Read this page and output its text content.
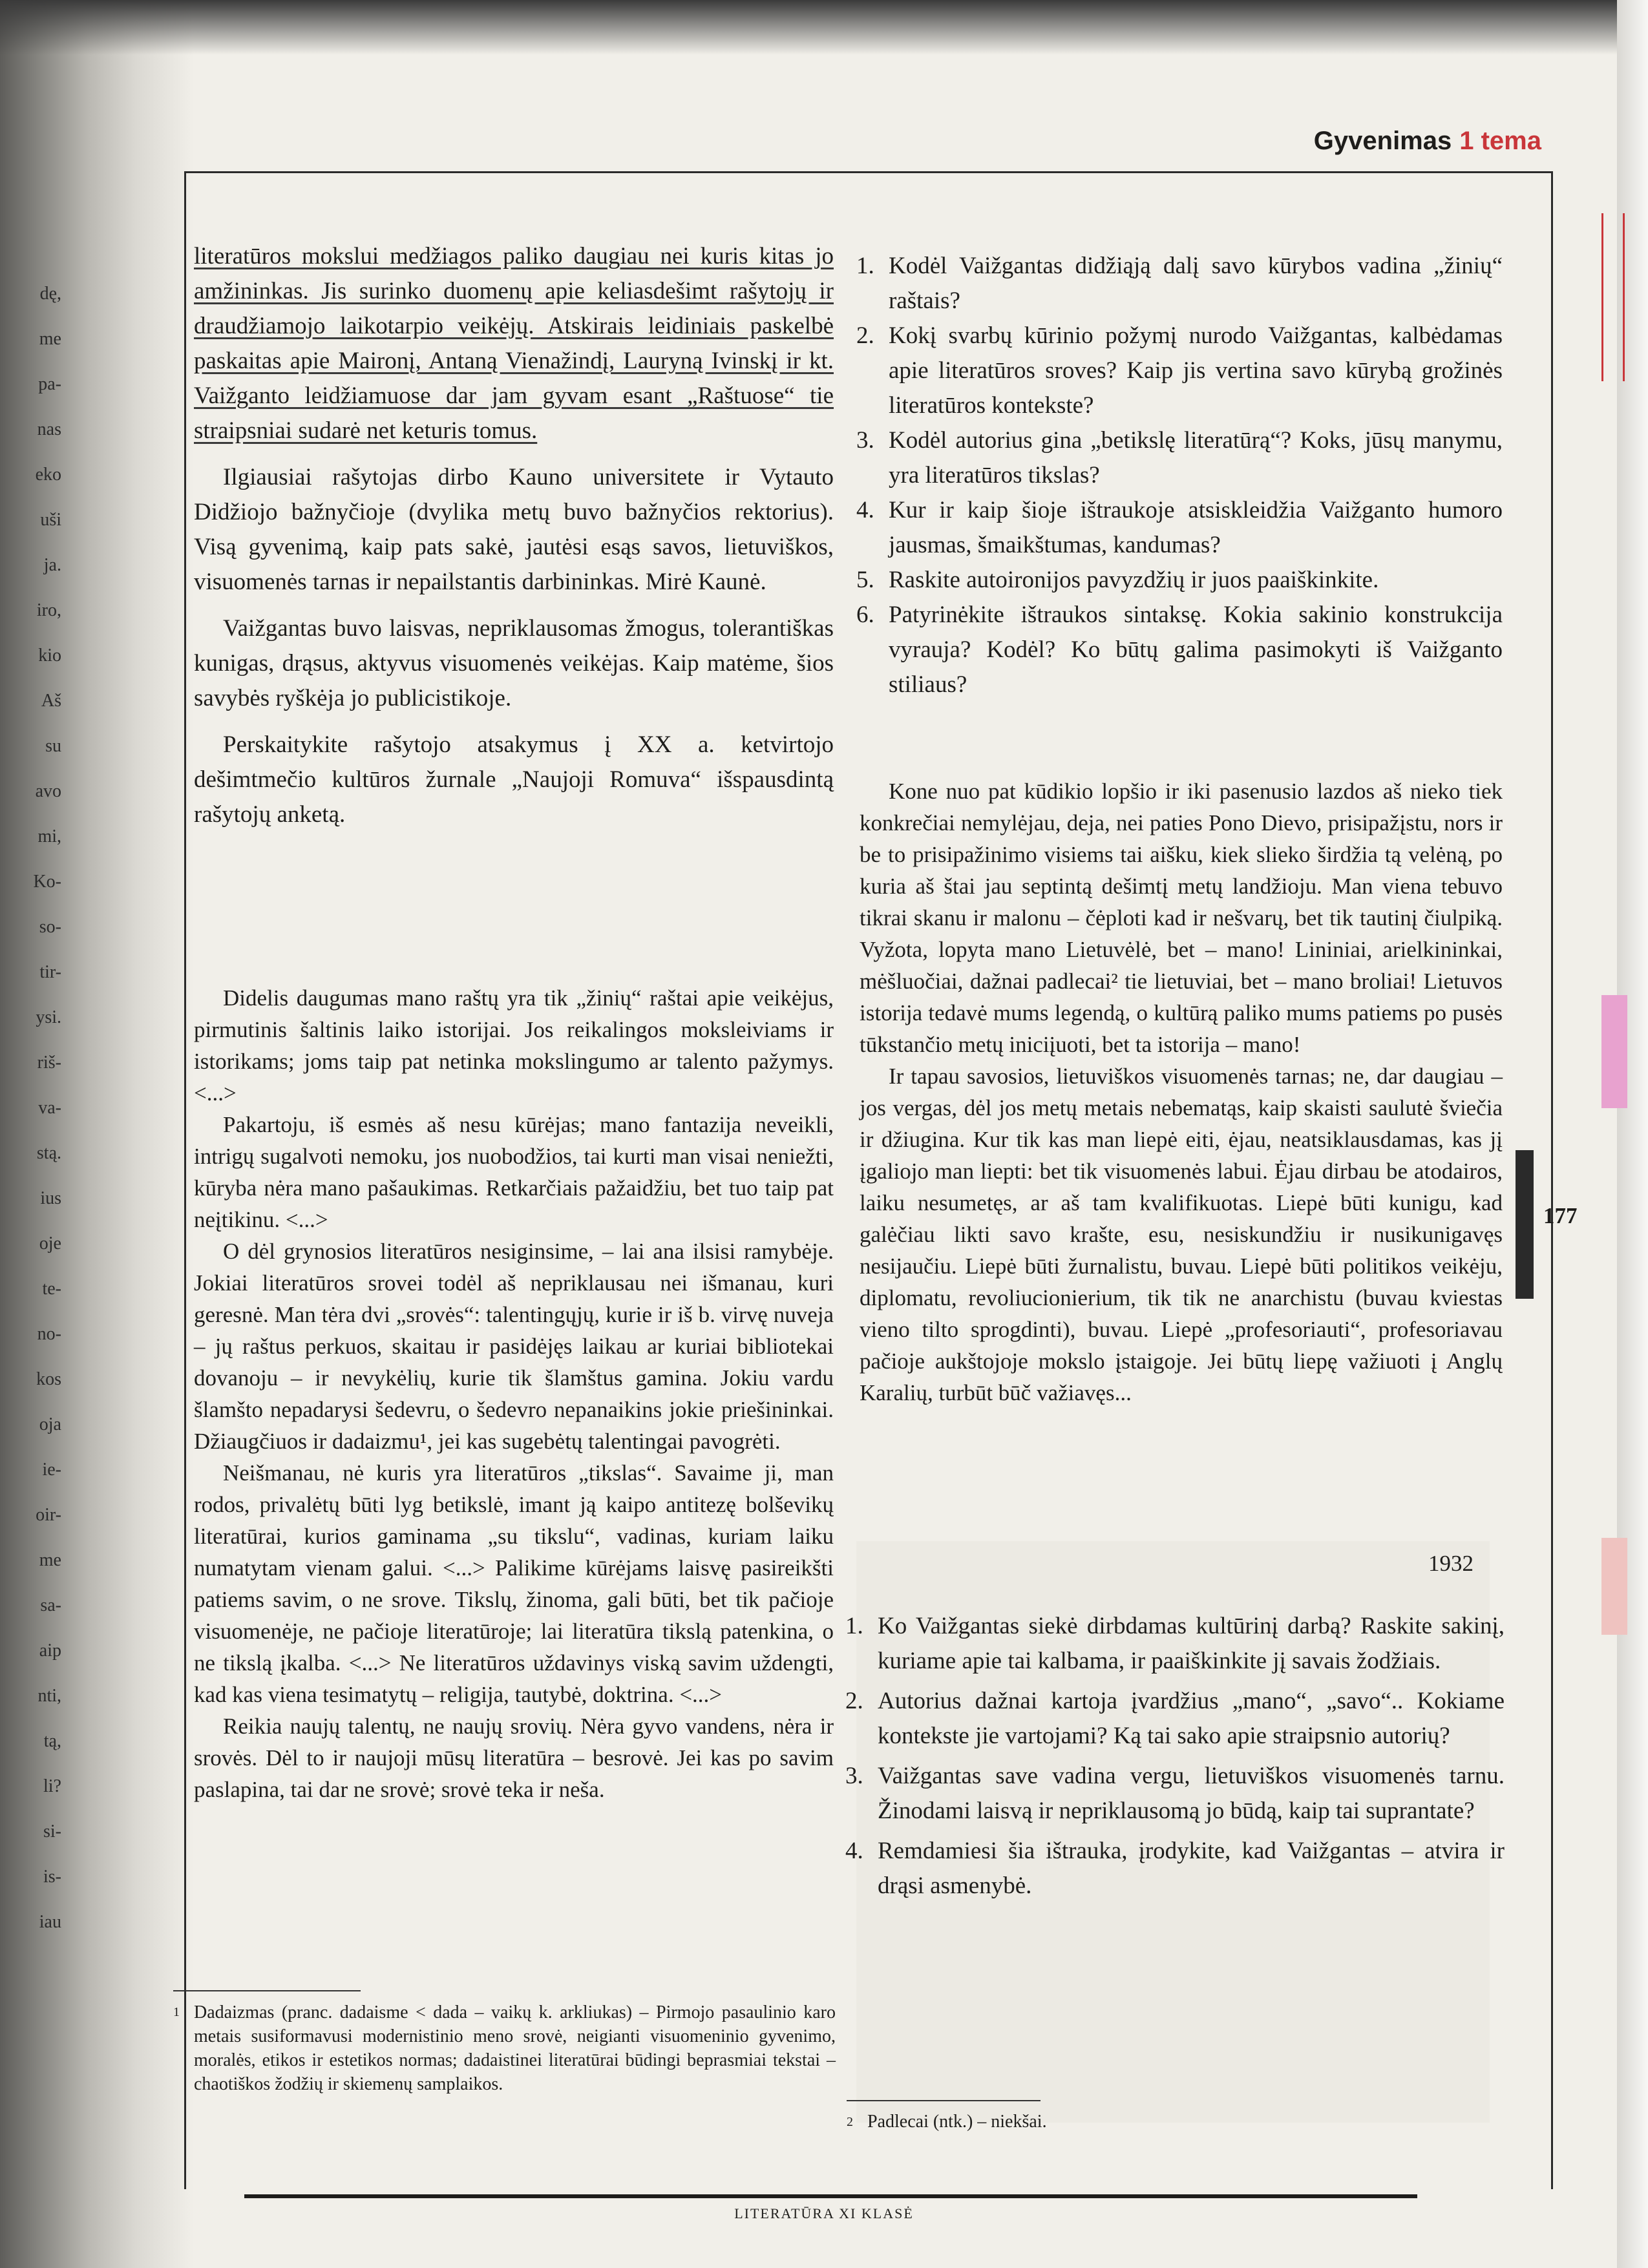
dę,
me
pa-
nas
eko
uši
ja.
iro,
kio
Aš
su
avo
mi,
Ko-
so-
tir-
ysi.
riš-
va-
stą.
ius
oje
te-
no-
kos
oja
ie-
oir-
me
sa-
aip
nti,
tą,
li?
si-
is-
iau
Gyvenimas 1 tema

literatūros mokslui medžiagos paliko daugiau nei kuris kitas jo amžininkas. Jis surinko duomenų apie keliasdešimt rašytojų ir draudžiamojo laikotarpio veikėjų. Atskirais leidiniais paskelbė paskaitas apie Maironį, Antaną Vienažindį, Lauryną Ivinskį ir kt. Vaižganto leidžiamuose dar jam gyvam esant „Raštuose“ tie straipsniai sudarė net keturis tomus.

Ilgiausiai rašytojas dirbo Kauno universitete ir Vytauto Didžiojo bažnyčioje (dvylika metų buvo bažnyčios rektorius). Visą gyvenimą, kaip pats sakė, jautėsi esąs savos, lietuviškos, visuomenės tarnas ir nepailstantis darbininkas. Mirė Kaunė.

Vaižgantas buvo laisvas, nepriklausomas žmogus, tolerantiškas kunigas, drąsus, aktyvus visuomenės veikėjas. Kaip matėme, šios savybės ryškėja jo publicistikoje.

Perskaitykite rašytojo atsakymus į XX a. ketvirtojo dešimtmečio kultūros žurnale „Naujoji Romuva“ išspausdintą rašytojų anketą.

Didelis daugumas mano raštų yra tik „žinių“ raštai apie veikėjus, pirmutinis šaltinis laiko istorijai. Jos reikalingos moksleiviams ir istorikams; joms taip pat netinka mokslingumo ar talento pažymys. <...>

Pakartoju, iš esmės aš nesu kūrėjas; mano fantazija neveikli, intrigų sugalvoti nemoku, jos nuobodžios, tai kurti man visai neniežti, kūryba nėra mano pašaukimas. Retkarčiais pažaidžiu, bet tuo taip pat neįtikinu. <...>

O dėl grynosios literatūros nesiginsime, – lai ana ilsisi ramybėje. Jokiai literatūros srovei todėl aš nepriklausau nei išmanau, kuri geresnė. Man tėra dvi „srovės“: talentingųjų, kurie ir iš b. virvę nuveja – jų raštus perkuos, skaitau ir pasidėjęs laikau ar kuriai bibliotekai dovanoju – ir nevykėlių, kurie tik šlamštus gamina. Jokiu vardu šlamšto nepadarysi šedevru, o šedevro nepanaikins jokie priešininkai. Džiaugčiuos ir dadaizmu¹, jei kas sugebėtų talentingai pavogrėti.

Neišmanau, nė kuris yra literatūros „tikslas“. Savaime ji, man rodos, privalėtų būti lyg betikslė, imant ją kaipo antitezę bolševikų literatūrai, kurios gaminama „su tikslu“, vadinas, kuriam laiku numatytam vienam galui. <...> Palikime kūrėjams laisvę pasireikšti patiems savim, o ne srove. Tikslų, žinoma, gali būti, bet tik pačioje visuomenėje, ne pačioje literatūroje; lai literatūra tikslą patenkina, o ne tikslą įkalba. <...> Ne literatūros uždavinys viską savim uždengti, kad kas viena tesimatytų – religija, tautybė, doktrina. <...>

Reikia naujų talentų, ne naujų srovių. Nėra gyvo vandens, nėra ir srovės. Dėl to ir naujoji mūsų literatūra – besrovė. Jei kas po savim paslapina, tai dar ne srovė; srovė teka ir neša.

1 Dadaizmas (pranc. dadaisme < dada – vaikų k. arkliukas) – Pirmojo pasaulinio karo metais susiformavusi modernistinio meno srovė, neigianti visuomeninio gyvenimo, moralės, etikos ir estetikos normas; dadaistinei literatūrai būdingi beprasmiai tekstai – chaotiškos žodžių ir skiemenų samplaikos.
1. Kodėl Vaižgantas didžiąją dalį savo kūrybos vadina „žinių“ raštais?
2. Kokį svarbų kūrinio požymį nurodo Vaižgantas, kalbėdamas apie literatūros sroves? Kaip jis vertina savo kūrybą grožinės literatūros kontekste?
3. Kodėl autorius gina „betikslę literatūrą“? Koks, jūsų manymu, yra literatūros tikslas?
4. Kur ir kaip šioje ištraukoje atsiskleidžia Vaižganto humoro jausmas, šmaikštumas, kandumas?
5. Raskite autoironijos pavyzdžių ir juos paaiškinkite.
6. Patyrinėkite ištraukos sintaksę. Kokia sakinio konstrukcija vyrauja? Kodėl? Ko būtų galima pasimokyti iš Vaižganto stiliaus?

Kone nuo pat kūdikio lopšio ir iki pasenusio lazdos aš nieko tiek konkrečiai nemylėjau, deja, nei paties Pono Dievo, prisipažįstu, nors ir be to prisipažinimo visiems tai aišku, kiek slieko širdžia tą velėną, po kuria aš štai jau septintą dešimtį metų landžioju. Man viena tebuvo tikrai skanu ir malonu – čėploti kad ir nešvarų, bet tik tautinį čiulpiką. Vyžota, lopyta mano Lietuvėlė, bet – mano! Lininiai, arielkininkai, mėšluočiai, dažnai padlecai² tie lietuviai, bet – mano broliai! Lietuvos istorija tedavė mums legendą, o kultūrą paliko mums patiems po pusės tūkstančio metų iniciįuoti, bet ta istorija – mano!

Ir tapau savosios, lietuviškos visuomenės tarnas; ne, dar daugiau – jos vergas, dėl jos metų metais nebematąs, kaip skaisti saulutė šviečia ir džiugina. Kur tik kas man liepė eiti, ėjau, neatsiklausdamas, kas jį įgaliojo man liepti: bet tik visuomenės labui. Ėjau dirbau be atodairos, laiku nesumetęs, ar aš tam kvalifikuotas. Liepė būti kunigu, kad galėčiau likti savo krašte, esu, nesiskundžiu ir nusikunigavęs nesijaučiu. Liepė būti žurnalistu, buvau. Liepė būti politikos veikėju, diplomatu, revoliucionierium, tik tik ne anarchistu (buvau kviestas vieno tilto sprogdinti), buvau. Liepė „profesoriauti“, profesoriavau pačioje aukštojoje mokslo įstaigoje. Jei būtų liepę važiuoti į Anglų Karalių, turbūt būč važiavęs...

1932
1. Ko Vaižgantas siekė dirbdamas kultūrinį darbą? Raskite sakinį, kuriame apie tai kalbama, ir paaiškinkite jį savais žodžiais.
2. Autorius dažnai kartoja įvardžius „mano“, „savo“.. Kokiame kontekste jie vartojami? Ką tai sako apie straipsnio autorių?
3. Vaižgantas save vadina vergu, lietuviškos visuomenės tarnu. Žinodami laisvą ir nepriklausomą jo būdą, kaip tai suprantate?
4. Remdamiesi šia ištrauka, įrodykite, kad Vaižgantas – atvira ir drąsi asmenybė.
2 Padlecai (ntk.) – niekšai.
177
LITERATŪRA XI KLASĖ
